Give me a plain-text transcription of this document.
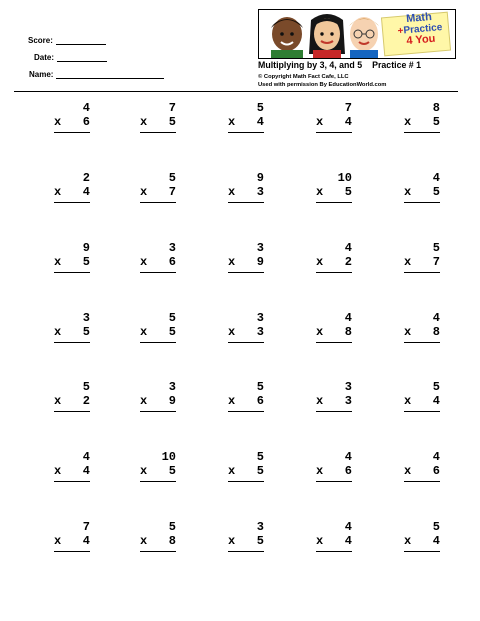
Score:
Date:
Name:
Math
+Practice
4 You
Multiplying by 3, 4, and 5 Practice # 1
© Copyright Math Fact Cafe, LLC
Used with permission By EducationWorld.com
4
x 6
7
x 5
5
x 4
7
x 4
8
x 5
2
x 4
5
x 7
9
x 3
10
x 5
4
x 5
9
x 5
3
x 6
3
x 9
4
x 2
5
x 7
3
x 5
5
x 5
3
x 3
4
x 8
4
x 8
5
x 2
3
x 9
5
x 6
3
x 3
5
x 4
4
x 4
10
x 5
5
x 5
4
x 6
4
x 6
7
x 4
5
x 8
3
x 5
4
x 4
5
x 4
